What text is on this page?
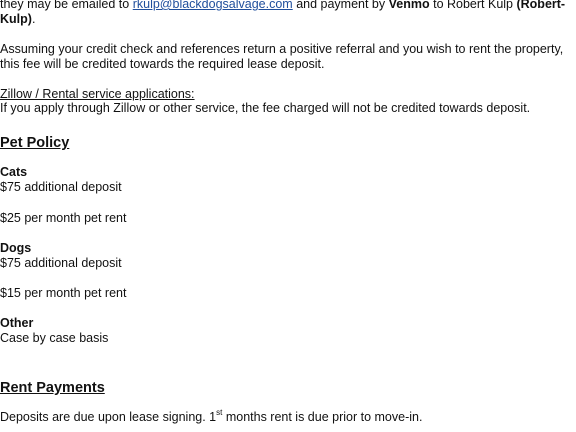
they may be emailed to rkulp@blackdogsalvage.com and payment by Venmo to Robert Kulp (Robert-
Kulp).
Assuming your credit check and references return a positive referral and you wish to rent the property,
this fee will be credited towards the required lease deposit.
Zillow / Rental service applications:
If you apply through Zillow or other service, the fee charged will not be credited towards deposit.
Pet Policy
Cats
$75 additional deposit
$25 per month pet rent
Dogs
$75 additional deposit
$15 per month pet rent
Other
Case by case basis
Rent Payments
Deposits are due upon lease signing. 1st months rent is due prior to move-in.
